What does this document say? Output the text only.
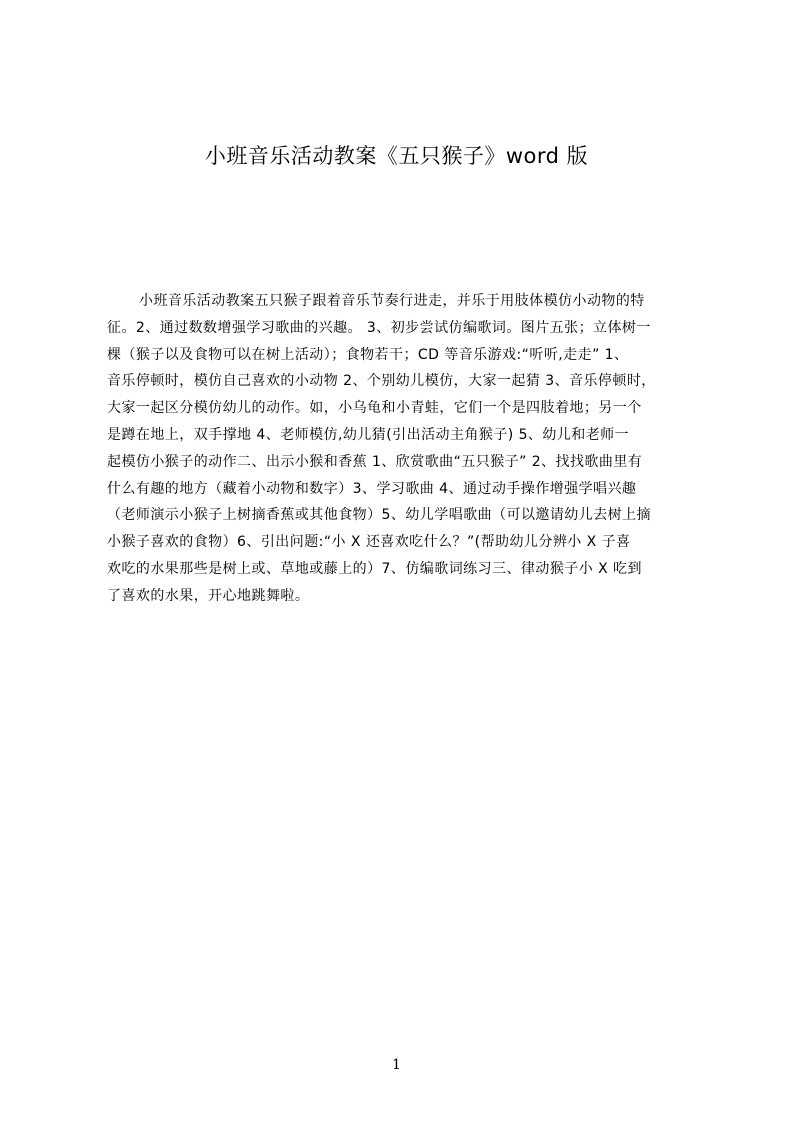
小班音乐活动教案《五只猴子》word 版
小班音乐活动教案五只猴子跟着音乐节奏行进走，并乐于用肢体模仿小动物的特
征。2、通过数数增强学习歌曲的兴趣。 3、初步尝试仿编歌词。图片五张；立体树一
棵（猴子以及食物可以在树上活动）；食物若干；CD 等音乐游戏:“听听,走走” 1、
音乐停顿时，模仿自己喜欢的小动物 2、个别幼儿模仿，大家一起猜 3、音乐停顿时，
大家一起区分模仿幼儿的动作。如，小乌龟和小青蛙，它们一个是四肢着地；另一个
是蹲在地上，双手撑地 4、老师模仿,幼儿猜(引出活动主角猴子) 5、幼儿和老师一
起模仿小猴子的动作二、出示小猴和香蕉 1、欣赏歌曲“五只猴子” 2、找找歌曲里有
什么有趣的地方（藏着小动物和数字）3、学习歌曲 4、通过动手操作增强学唱兴趣
（老师演示小猴子上树摘香蕉或其他食物）5、幼儿学唱歌曲（可以邀请幼儿去树上摘
小猴子喜欢的食物）6、引出问题:“小 X 还喜欢吃什么？”(帮助幼儿分辨小 X 子喜
欢吃的水果那些是树上或、草地或藤上的）7、仿编歌词练习三、律动猴子小 X 吃到
了喜欢的水果，开心地跳舞啦。
1
